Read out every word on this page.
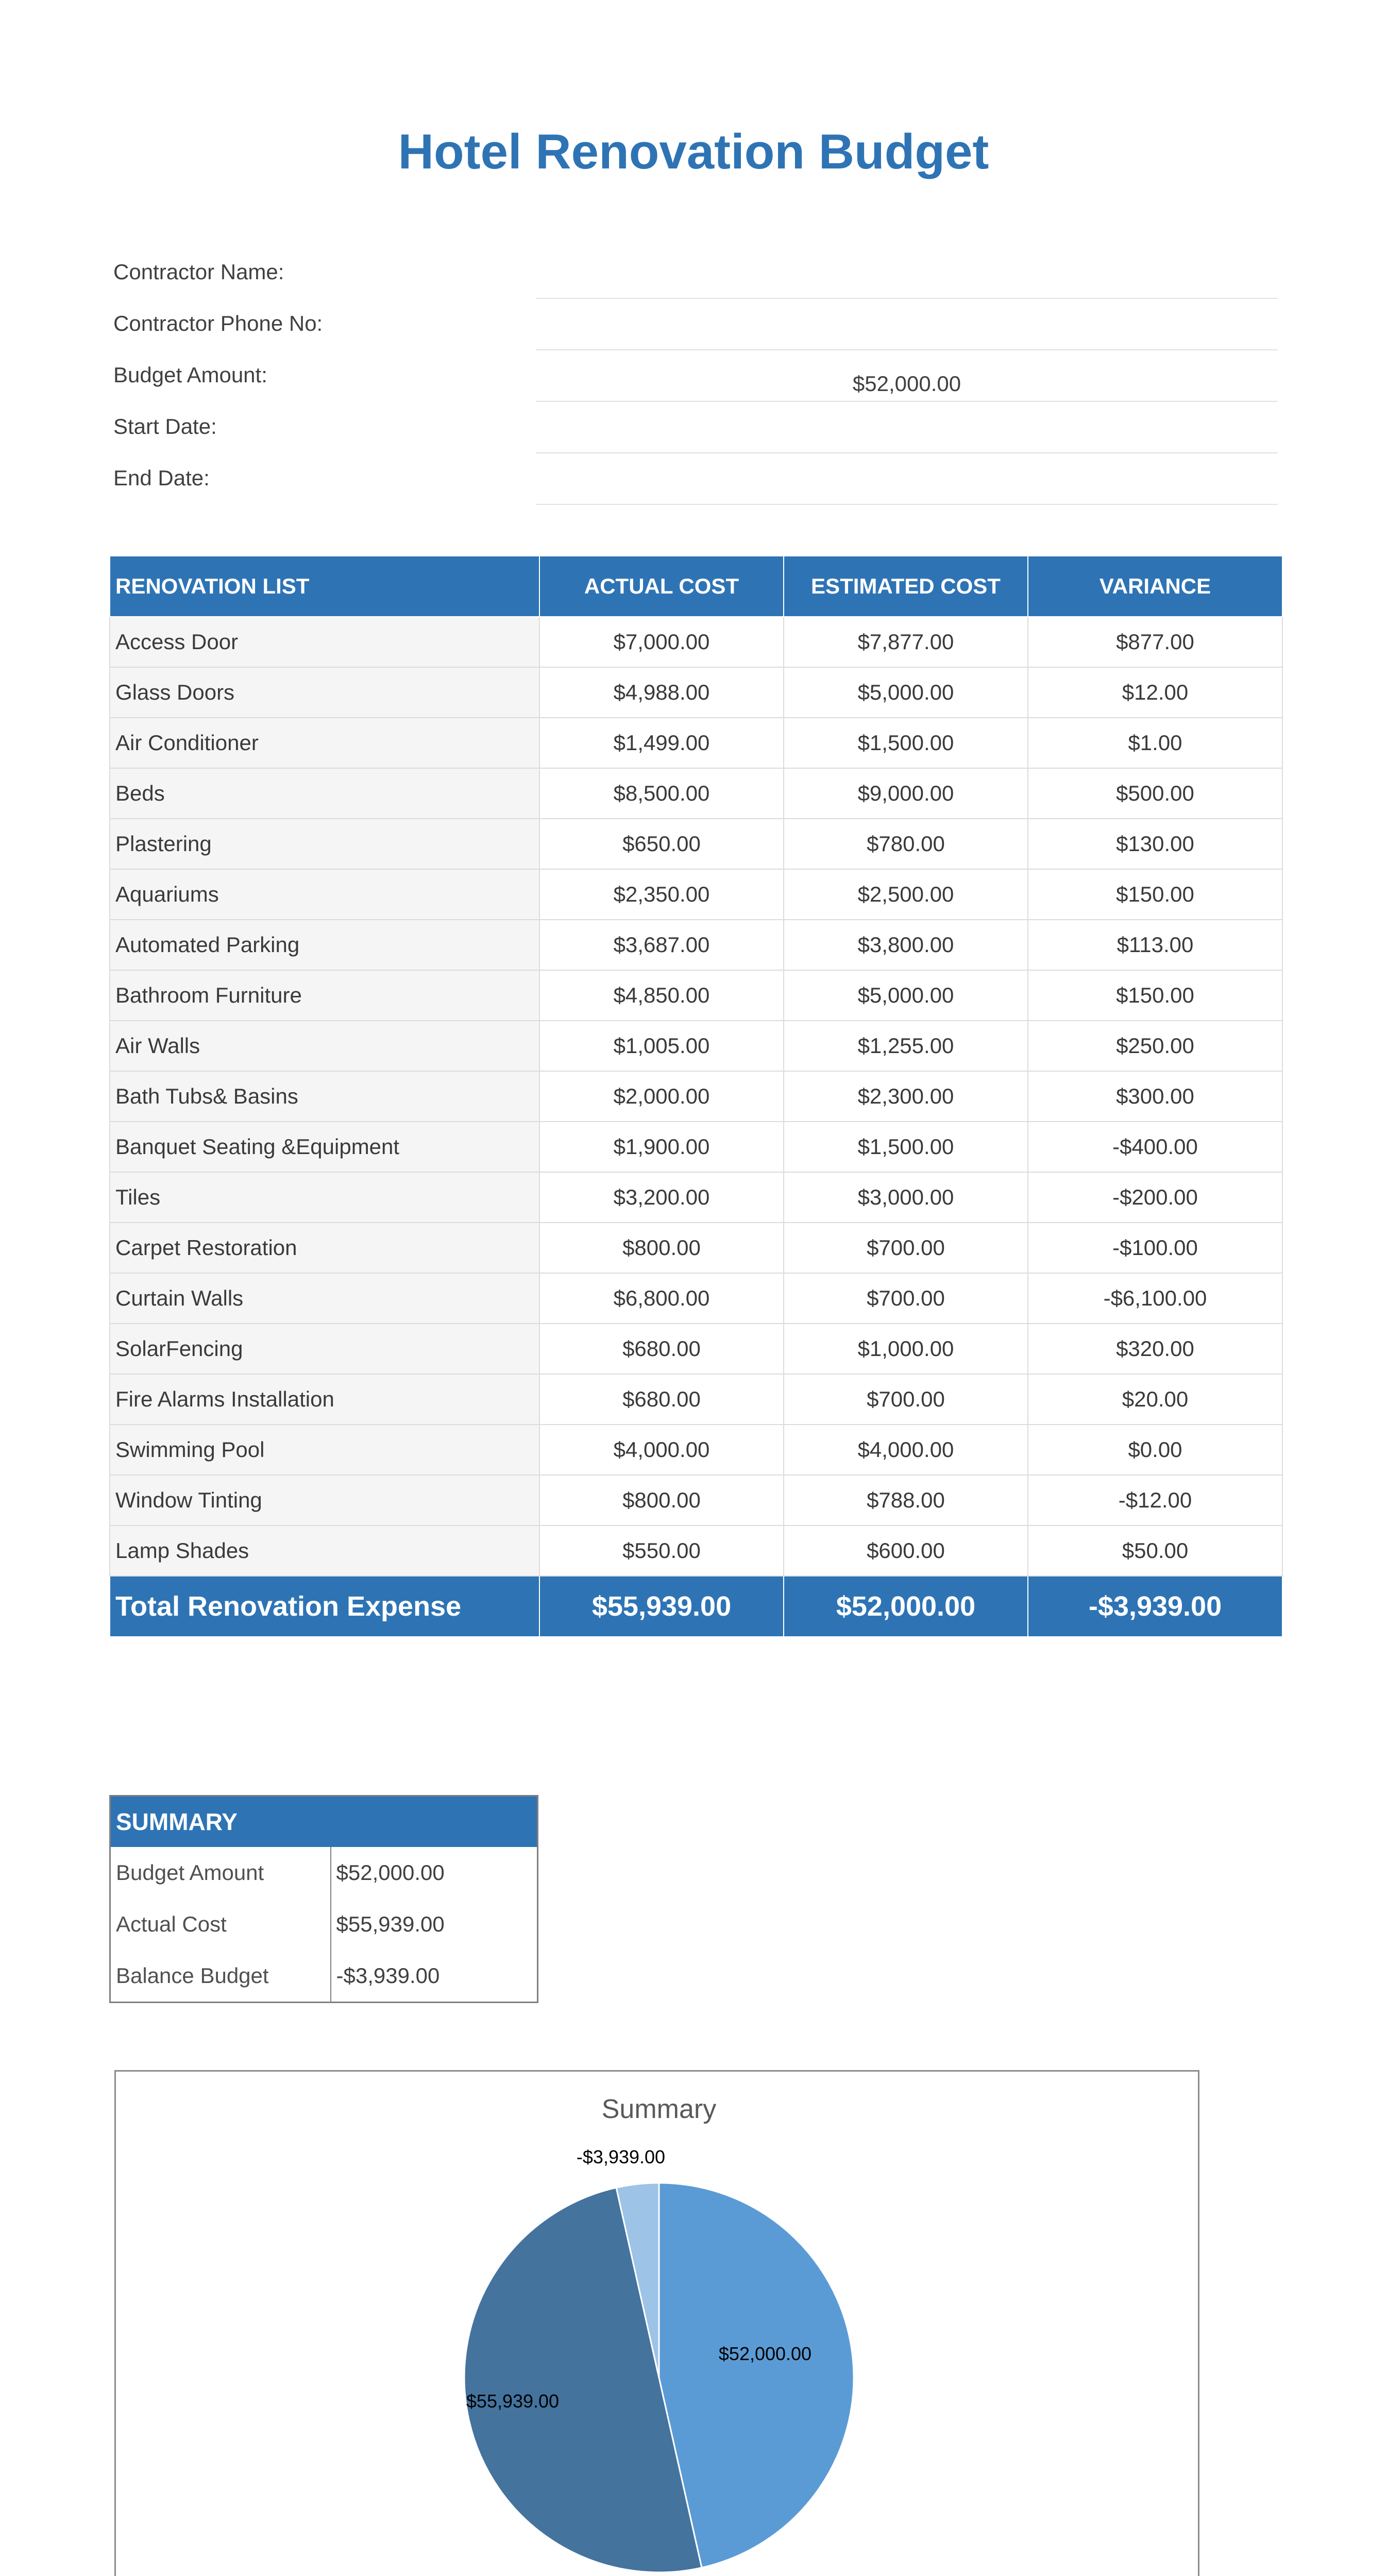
Hotel Renovation Budget
Contractor Name:
Contractor Phone No:
Budget Amount:	$52,000.00
Start Date:
End Date:
RENOVATION LIST	ACTUAL COST	ESTIMATED COST	VARIANCE
Access Door	$7,000.00	$7,877.00	$877.00
Glass Doors	$4,988.00	$5,000.00	$12.00
Air Conditioner	$1,499.00	$1,500.00	$1.00
Beds	$8,500.00	$9,000.00	$500.00
Plastering	$650.00	$780.00	$130.00
Aquariums	$2,350.00	$2,500.00	$150.00
Automated Parking	$3,687.00	$3,800.00	$113.00
Bathroom Furniture	$4,850.00	$5,000.00	$150.00
Air Walls	$1,005.00	$1,255.00	$250.00
Bath Tubs& Basins	$2,000.00	$2,300.00	$300.00
Banquet Seating &Equipment	$1,900.00	$1,500.00	-$400.00
Tiles	$3,200.00	$3,000.00	-$200.00
Carpet Restoration	$800.00	$700.00	-$100.00
Curtain Walls	$6,800.00	$700.00	-$6,100.00
SolarFencing	$680.00	$1,000.00	$320.00
Fire Alarms Installation	$680.00	$700.00	$20.00
Swimming Pool	$4,000.00	$4,000.00	$0.00
Window Tinting	$800.00	$788.00	-$12.00
Lamp Shades	$550.00	$600.00	$50.00
Total Renovation Expense	$55,939.00	$52,000.00	-$3,939.00
SUMMARY	
Budget Amount	$52,000.00
Actual Cost	$55,939.00
Balance Budget	-$3,939.00
Summary
$52,000.00
$55,939.00
-$3,939.00
